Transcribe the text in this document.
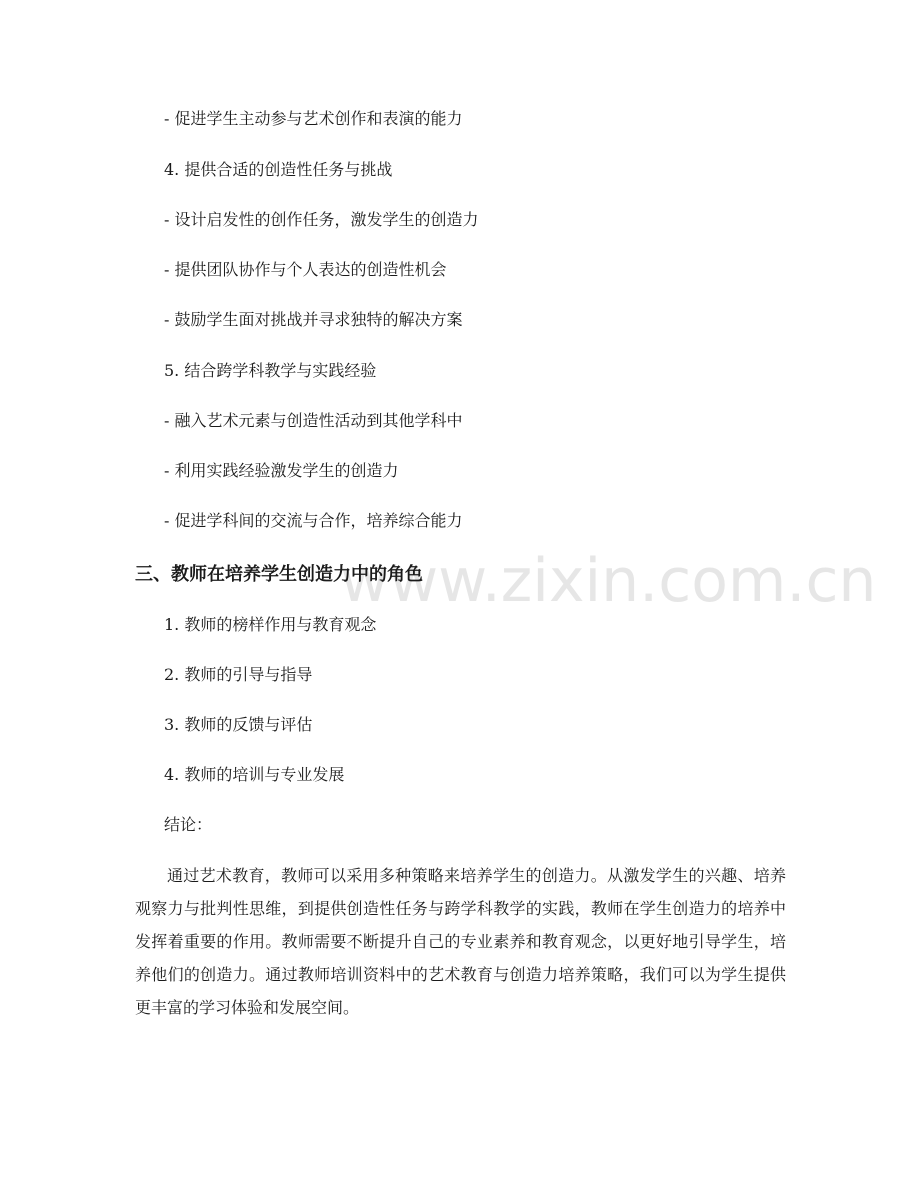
www.zixin.com.cn
- 促进学生主动参与艺术创作和表演的能力
4. 提供合适的创造性任务与挑战
- 设计启发性的创作任务，激发学生的创造力
- 提供团队协作与个人表达的创造性机会
- 鼓励学生面对挑战并寻求独特的解决方案
5. 结合跨学科教学与实践经验
- 融入艺术元素与创造性活动到其他学科中
- 利用实践经验激发学生的创造力
- 促进学科间的交流与合作，培养综合能力
三、教师在培养学生创造力中的角色
1. 教师的榜样作用与教育观念
2. 教师的引导与指导
3. 教师的反馈与评估
4. 教师的培训与专业发展
结论：
通过艺术教育，教师可以采用多种策略来培养学生的创造力。从激发学生的兴趣、培养观察力与批判性思维，到提供创造性任务与跨学科教学的实践，教师在学生创造力的培养中发挥着重要的作用。教师需要不断提升自己的专业素养和教育观念，以更好地引导学生，培养他们的创造力。通过教师培训资料中的艺术教育与创造力培养策略，我们可以为学生提供更丰富的学习体验和发展空间。
